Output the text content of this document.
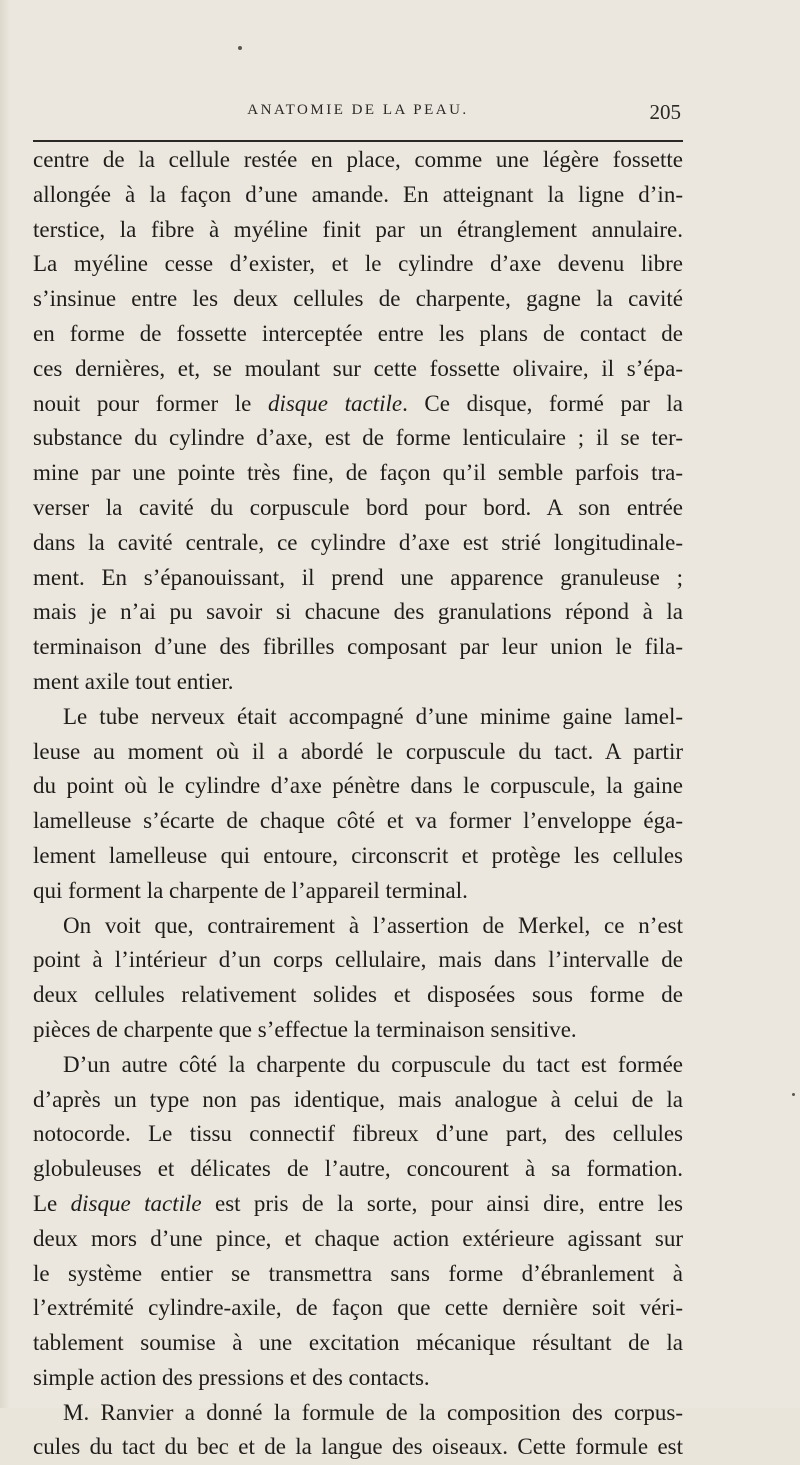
ANATOMIE DE LA PEAU.	205
centre de la cellule restée en place, comme une légère fossette
allongée à la façon d’une amande. En atteignant la ligne d’in-
terstice, la fibre à myéline finit par un étranglement annulaire.
La myéline cesse d’exister, et le cylindre d’axe devenu libre
s’insinue entre les deux cellules de charpente, gagne la cavité
en forme de fossette interceptée entre les plans de contact de
ces dernières, et, se moulant sur cette fossette olivaire, il s’épa-
nouit pour former le disque tactile. Ce disque, formé par la
substance du cylindre d’axe, est de forme lenticulaire ; il se ter-
mine par une pointe très fine, de façon qu’il semble parfois tra-
verser la cavité du corpuscule bord pour bord. A son entrée
dans la cavité centrale, ce cylindre d’axe est strié longitudinale-
ment. En s’épanouissant, il prend une apparence granuleuse ;
mais je n’ai pu savoir si chacune des granulations répond à la
terminaison d’une des fibrilles composant par leur union le fila-
ment axile tout entier.
Le tube nerveux était accompagné d’une minime gaine lamel-
leuse au moment où il a abordé le corpuscule du tact. A partir
du point où le cylindre d’axe pénètre dans le corpuscule, la gaine
lamelleuse s’écarte de chaque côté et va former l’enveloppe éga-
lement lamelleuse qui entoure, circonscrit et protège les cellules
qui forment la charpente de l’appareil terminal.
On voit que, contrairement à l’assertion de Merkel, ce n’est
point à l’intérieur d’un corps cellulaire, mais dans l’intervalle de
deux cellules relativement solides et disposées sous forme de
pièces de charpente que s’effectue la terminaison sensitive.
D’un autre côté la charpente du corpuscule du tact est formée
d’après un type non pas identique, mais analogue à celui de la
notocorde. Le tissu connectif fibreux d’une part, des cellules
globuleuses et délicates de l’autre, concourent à sa formation.
Le disque tactile est pris de la sorte, pour ainsi dire, entre les
deux mors d’une pince, et chaque action extérieure agissant sur
le système entier se transmettra sans forme d’ébranlement à
l’extrémité cylindre-axile, de façon que cette dernière soit véri-
tablement soumise à une excitation mécanique résultant de la
simple action des pressions et des contacts.
M. Ranvier a donné la formule de la composition des corpus-
cules du tact du bec et de la langue des oiseaux. Cette formule est
